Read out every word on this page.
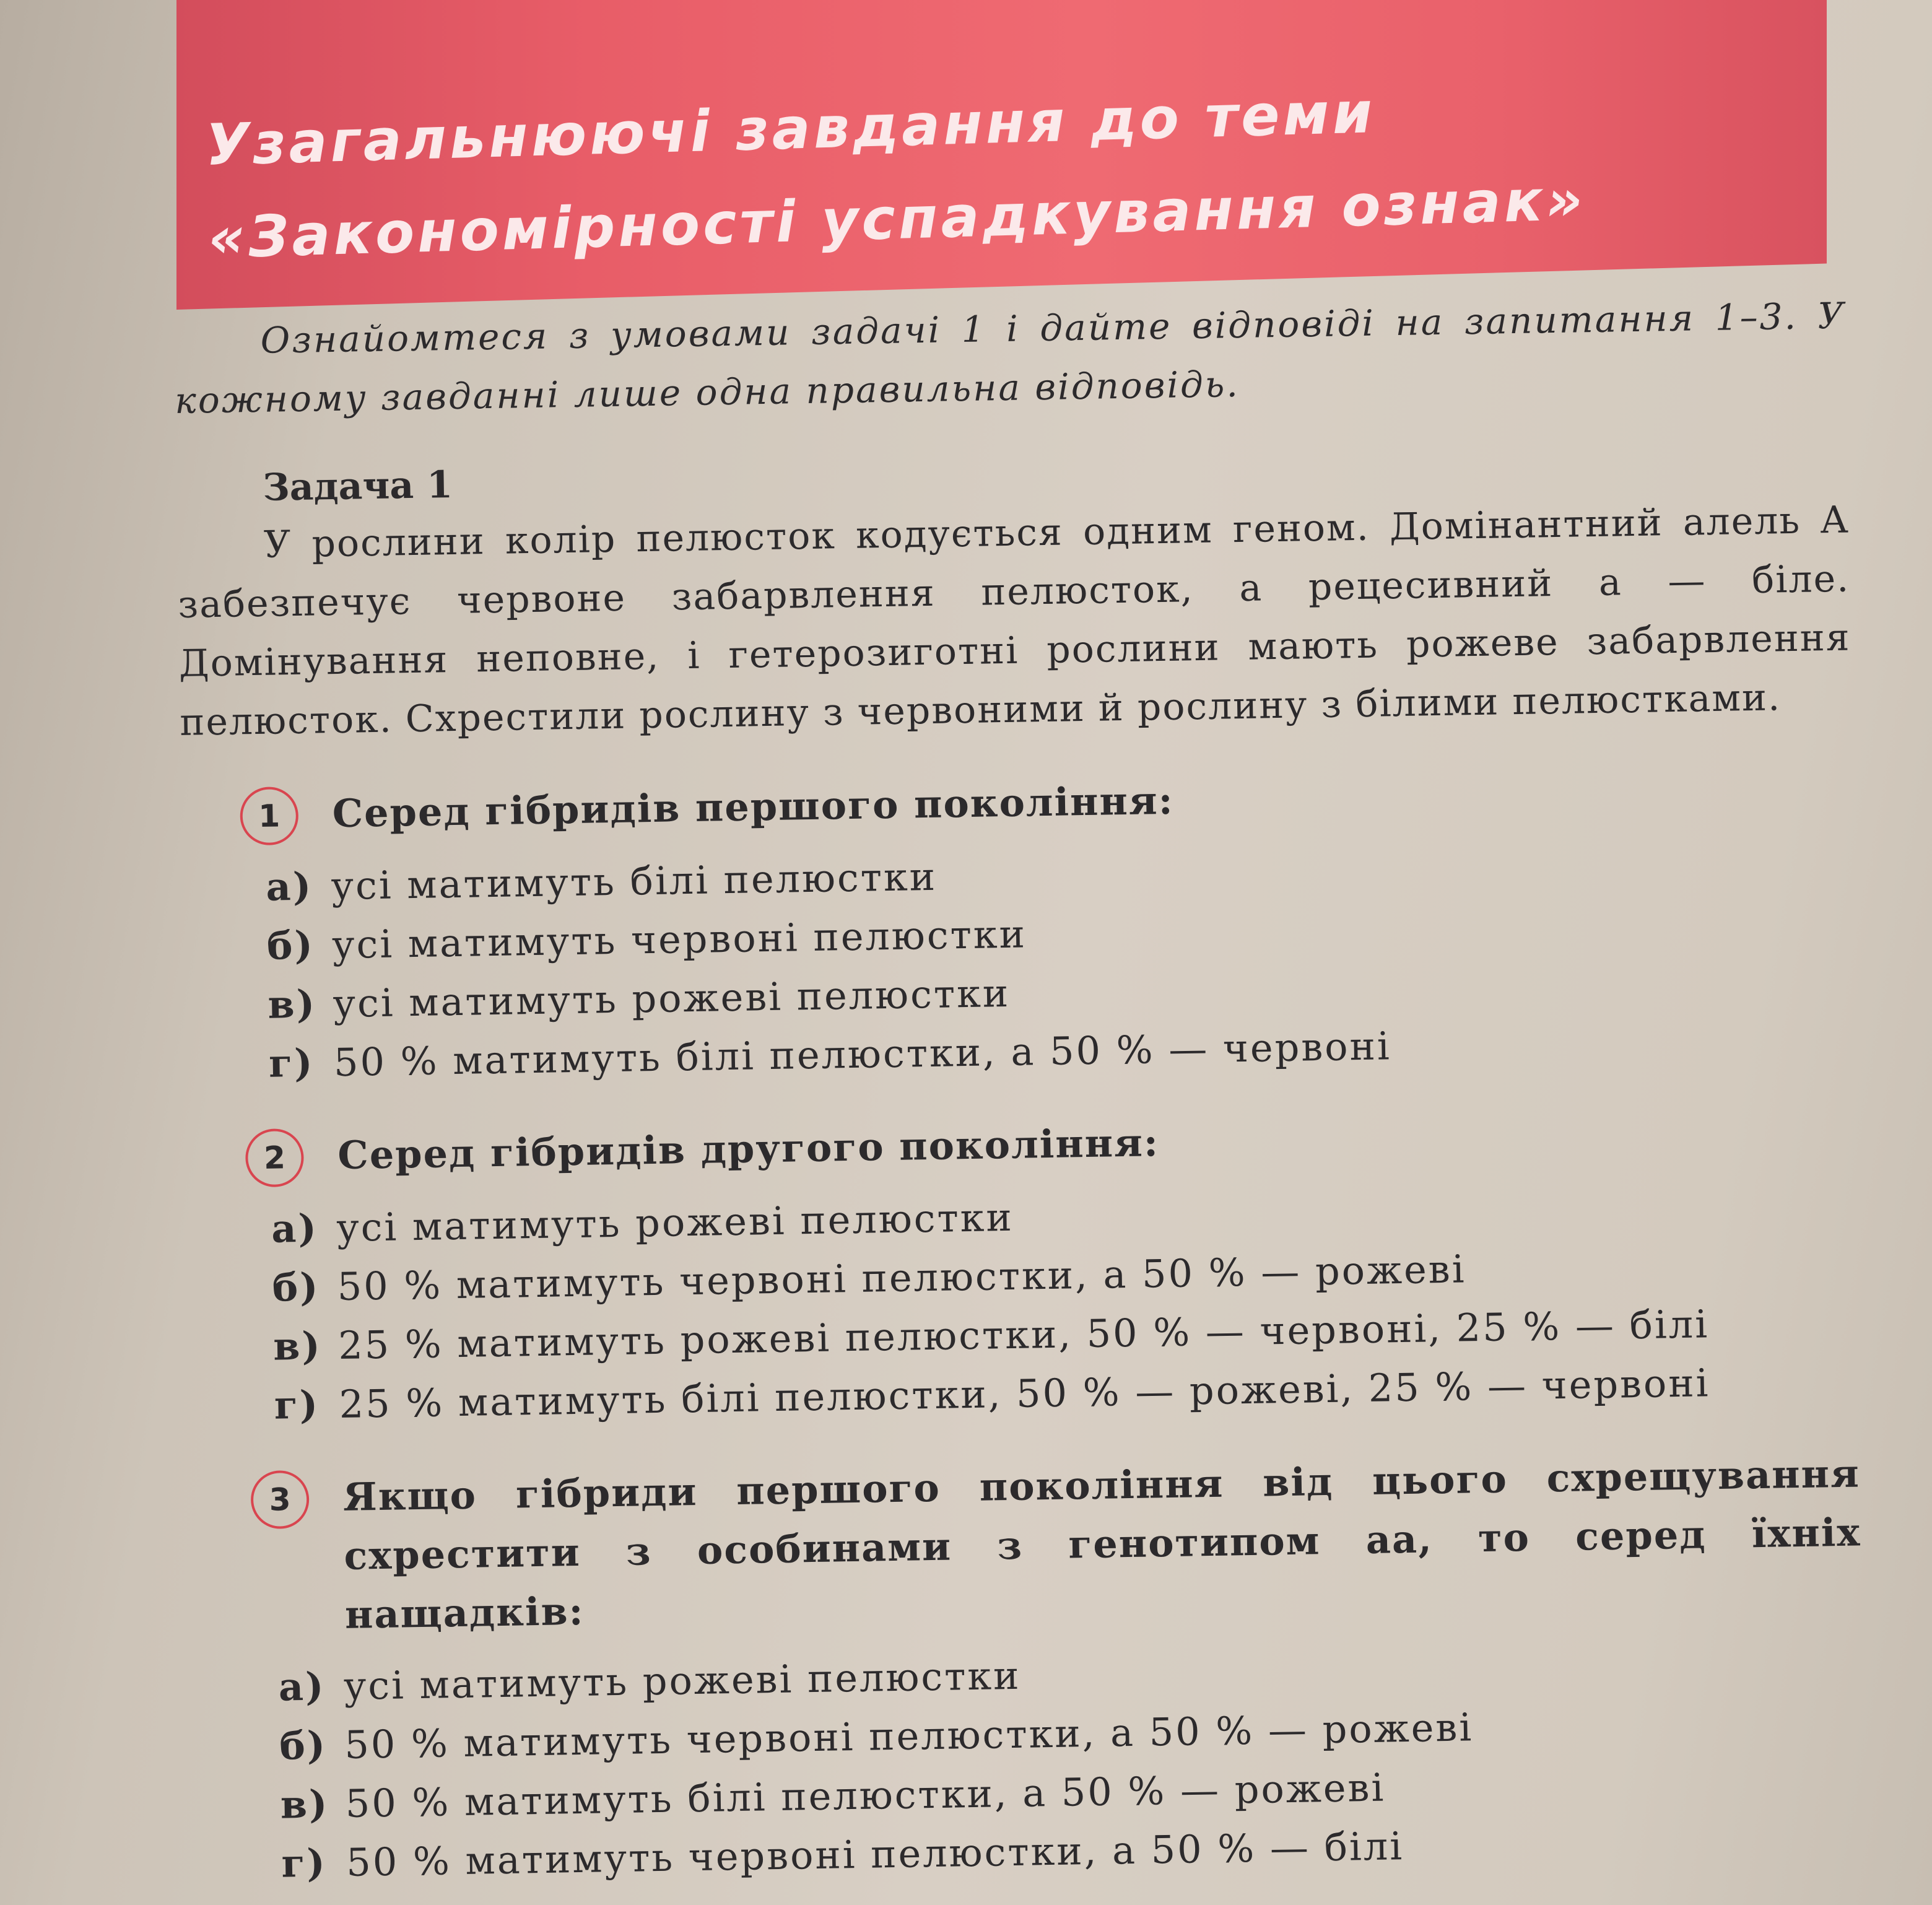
Узагальнюючі завдання до теми
«Закономірності успадкування ознак»

Ознайомтеся з умовами задачі 1 і дайте відповіді на запитання 1–3. У кожному завданні лише одна правильна відповідь.

Задача 1

У рослини колір пелюсток кодується одним геном. Домінантний алель A забезпечує червоне забарвлення пелюсток, а рецесивний a — біле. Домінування неповне, і гетерозиготні рослини мають рожеве забарвлення пелюсток. Схрестили рослину з червоними й рослину з білими пелюстками.

1	Серед гібридів першого покоління:
а) усі матимуть білі пелюстки
б) усі матимуть червоні пелюстки
в) усі матимуть рожеві пелюстки
г) 50 % матимуть білі пелюстки, а 50 % — червоні
2	Серед гібридів другого покоління:
а) усі матимуть рожеві пелюстки
б) 50 % матимуть червоні пелюстки, а 50 % — рожеві
в) 25 % матимуть рожеві пелюстки, 50 % — червоні, 25 % — білі
г) 25 % матимуть білі пелюстки, 50 % — рожеві, 25 % — червоні
3	Якщо гібриди першого покоління від цього схрещування схрестити з особинами з генотипом aa, то серед їхніх нащадків:
а) усі матимуть рожеві пелюстки
б) 50 % матимуть червоні пелюстки, а 50 % — рожеві
в) 50 % матимуть білі пелюстки, а 50 % — рожеві
г) 50 % матимуть червоні пелюстки, а 50 % — білі
